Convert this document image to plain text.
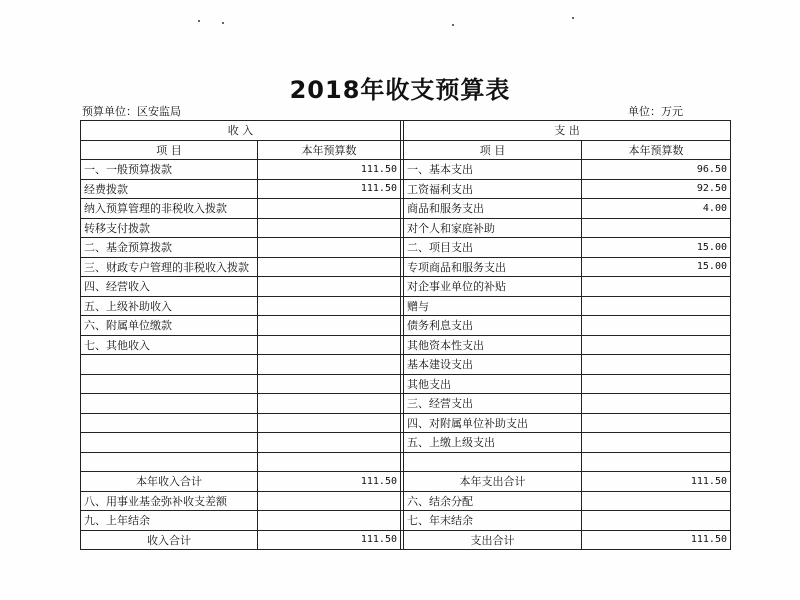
2018年收支预算表
预算单位：区安监局	单位：万元
收 入			支 出	
项 目	本年预算数		项 目	本年预算数
一、一般预算拨款	111.50		一、基本支出	96.50
经费拨款	111.50		工资福利支出	92.50
纳入预算管理的非税收入拨款			商品和服务支出	4.00
转移支付拨款			对个人和家庭补助	
二、基金预算拨款			二、项目支出	15.00
三、财政专户管理的非税收入拨款			专项商品和服务支出	15.00
四、经营收入			对企事业单位的补贴	
五、上级补助收入			赠与	
六、附属单位缴款			债务利息支出	
七、其他收入			其他资本性支出	
			基本建设支出	
			其他支出	
			三、经营支出	
			四、对附属单位补助支出	
			五、上缴上级支出	

本年收入合计	111.50		本年支出合计	111.50
八、用事业基金弥补收支差额			六、结余分配	
九、上年结余			七、年末结余	
收入合计	111.50		支出合计	111.50
